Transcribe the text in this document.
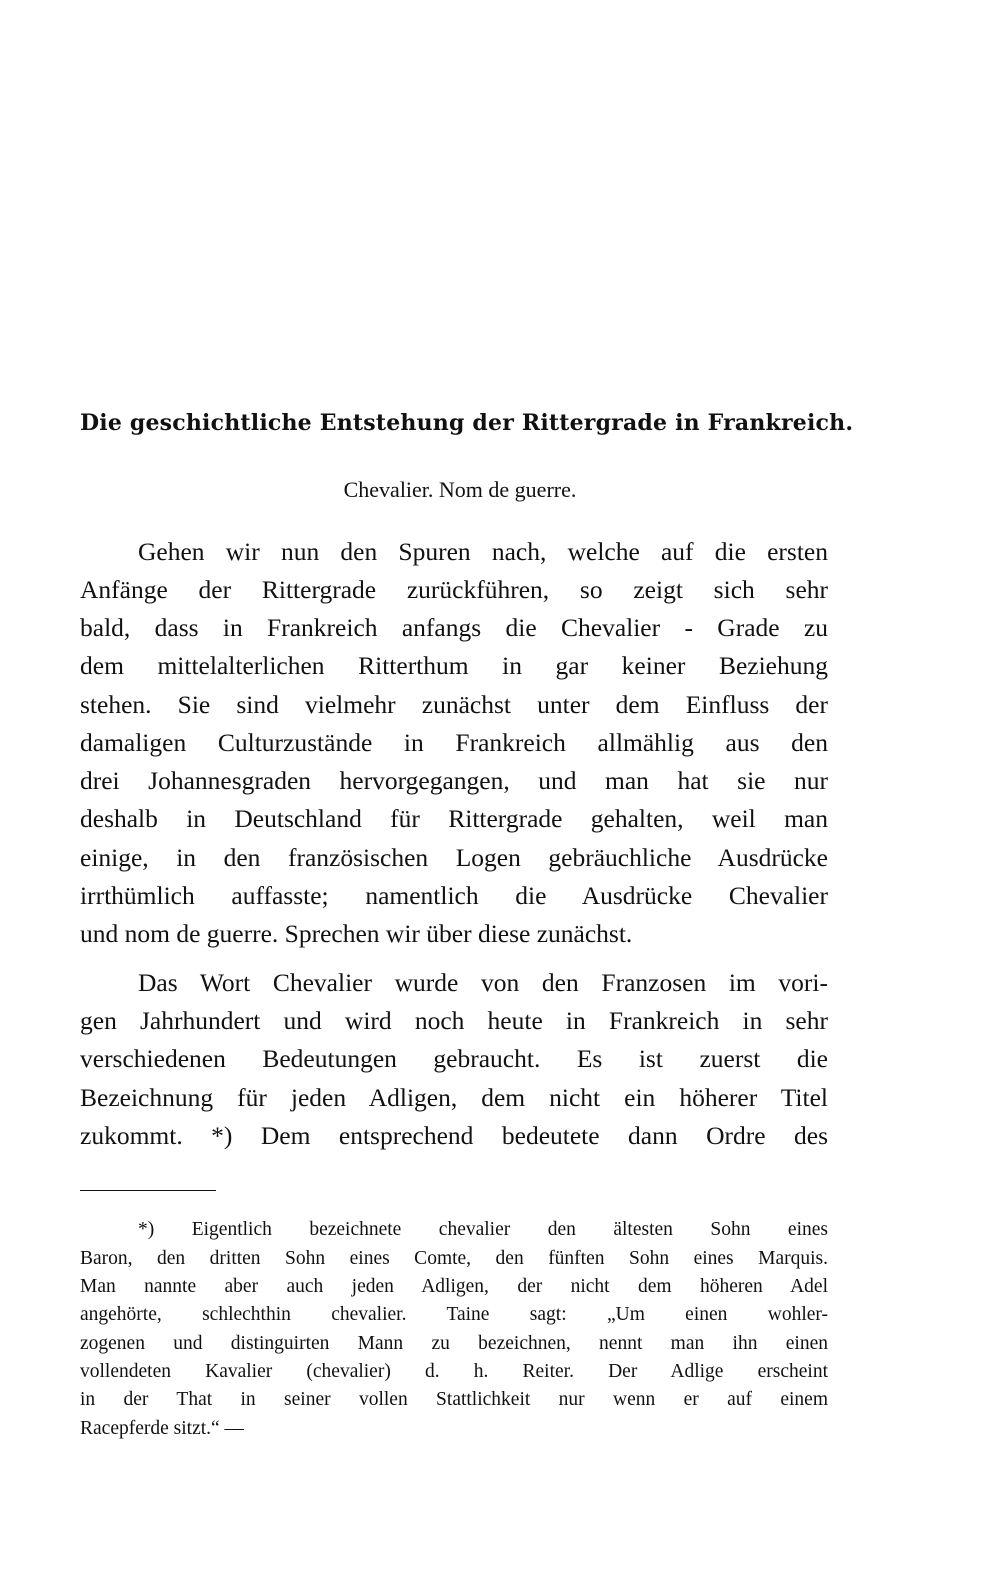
Die geschichtliche Entstehung der Rittergrade in Frankreich.
Chevalier. Nom de guerre.
Gehen wir nun den Spuren nach, welche auf die ersten
Anfänge der Rittergrade zurückführen, so zeigt sich sehr
bald, dass in Frankreich anfangs die Chevalier - Grade zu
dem mittelalterlichen Ritterthum in gar keiner Beziehung
stehen. Sie sind vielmehr zunächst unter dem Einfluss der
damaligen Culturzustände in Frankreich allmählig aus den
drei Johannesgraden hervorgegangen, und man hat sie nur
deshalb in Deutschland für Rittergrade gehalten, weil man
einige, in den französischen Logen gebräuchliche Ausdrücke
irrthümlich auffasste; namentlich die Ausdrücke Chevalier
und nom de guerre. Sprechen wir über diese zunächst.
Das Wort Chevalier wurde von den Franzosen im vori-
gen Jahrhundert und wird noch heute in Frankreich in sehr
verschiedenen Bedeutungen gebraucht. Es ist zuerst die
Bezeichnung für jeden Adligen, dem nicht ein höherer Titel
zukommt. *) Dem entsprechend bedeutete dann Ordre des
*) Eigentlich bezeichnete chevalier den ältesten Sohn eines
Baron, den dritten Sohn eines Comte, den fünften Sohn eines Marquis.
Man nannte aber auch jeden Adligen, der nicht dem höheren Adel
angehörte, schlechthin chevalier. Taine sagt: „Um einen wohler-
zogenen und distinguirten Mann zu bezeichnen, nennt man ihn einen
vollendeten Kavalier (chevalier) d. h. Reiter. Der Adlige erscheint
in der That in seiner vollen Stattlichkeit nur wenn er auf einem
Racepferde sitzt.“ —
